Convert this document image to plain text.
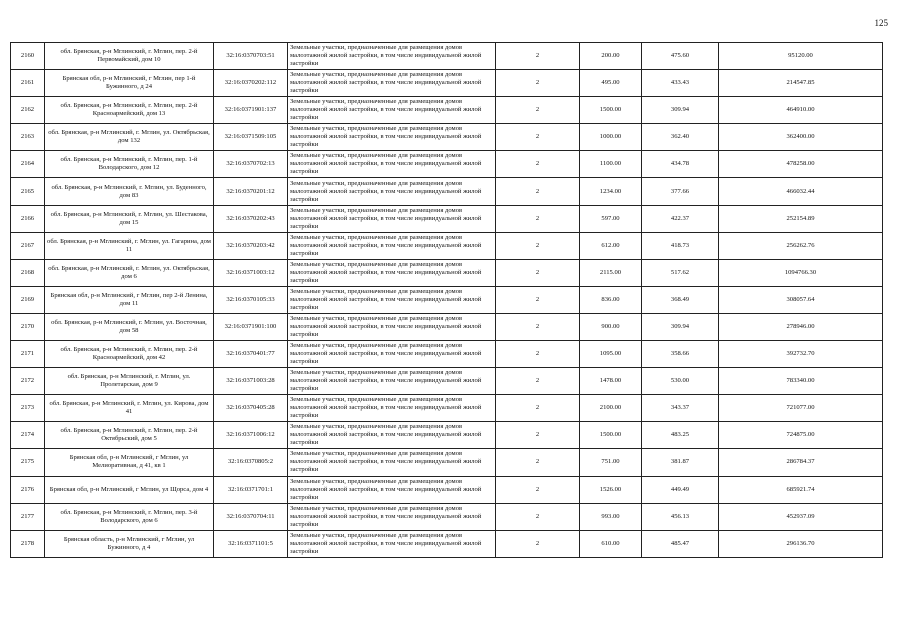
125
2160	обл. Брянская, р-н Мглинский, г. Мглин, пер. 2-й Первомайский, дом 10	32:16:0370703:51	Земельные участки, предназначенные для размещения домов малоэтажной жилой застройки, в том числе индивидуальной жилой застройки	2	200.00	475.60	95120.00
2161	Брянская обл, р-н Мглинский, г Мглин, пер 1-й Бужинного, д 24	32:16:0370202:112	Земельные участки, предназначенные для размещения домов малоэтажной жилой застройки, в том числе индивидуальной жилой застройки	2	495.00	433.43	214547.85
2162	обл. Брянская, р-н Мглинский, г. Мглин, пер. 2-й Красноармейский, дом 13	32:16:0371901:137	Земельные участки, предназначенные для размещения домов малоэтажной жилой застройки, в том числе индивидуальной жилой застройки	2	1500.00	309.94	464910.00
2163	обл. Брянская, р-н Мглинский, г. Мглин, ул. Октябрьская, дом 132	32:16:0371509:105	Земельные участки, предназначенные для размещения домов малоэтажной жилой застройки, в том числе индивидуальной жилой застройки	2	1000.00	362.40	362400.00
2164	обл. Брянская, р-н Мглинский, г. Мглин, пер. 1-й Володарского, дом 12	32:16:0370702:13	Земельные участки, предназначенные для размещения домов малоэтажной жилой застройки, в том числе индивидуальной жилой застройки	2	1100.00	434.78	478258.00
2165	обл. Брянская, р-н Мглинский, г. Мглин, ул. Буденного, дом 83	32:16:0370201:12	Земельные участки, предназначенные для размещения домов малоэтажной жилой застройки, в том числе индивидуальной жилой застройки	2	1234.00	377.66	466032.44
2166	обл. Брянская, р-н Мглинский, г. Мглин, ул. Шестакова, дом 15	32:16:0370202:43	Земельные участки, предназначенные для размещения домов малоэтажной жилой застройки, в том числе индивидуальной жилой застройки	2	597.00	422.37	252154.89
2167	обл. Брянская, р-н Мглинский, г. Мглин, ул. Гагарина, дом 11	32:16:0370203:42	Земельные участки, предназначенные для размещения домов малоэтажной жилой застройки, в том числе индивидуальной жилой застройки	2	612.00	418.73	256262.76
2168	обл. Брянская, р-н Мглинский, г. Мглин, ул. Октябрьская, дом 6	32:16:0371003:12	Земельные участки, предназначенные для размещения домов малоэтажной жилой застройки, в том числе индивидуальной жилой застройки	2	2115.00	517.62	1094766.30
2169	Брянская обл, р-н Мглинский, г Мглин, пер 2-й Ленина, дом 11	32:16:0370105:33	Земельные участки, предназначенные для размещения домов малоэтажной жилой застройки, в том числе индивидуальной жилой застройки	2	836.00	368.49	308057.64
2170	обл. Брянская, р-н Мглинский, г. Мглин, ул. Восточная, дом 58	32:16:0371901:100	Земельные участки, предназначенные для размещения домов малоэтажной жилой застройки, в том числе индивидуальной жилой застройки	2	900.00	309.94	278946.00
2171	обл. Брянская, р-н Мглинский, г. Мглин, пер. 2-й Красноармейский, дом 42	32:16:0370401:77	Земельные участки, предназначенные для размещения домов малоэтажной жилой застройки, в том числе индивидуальной жилой застройки	2	1095.00	358.66	392732.70
2172	обл. Брянская, р-н Мглинский, г. Мглин, ул. Пролетарская, дом 9	32:16:0371003:28	Земельные участки, предназначенные для размещения домов малоэтажной жилой застройки, в том числе индивидуальной жилой застройки	2	1478.00	530.00	783340.00
2173	обл. Брянская, р-н Мглинский, г. Мглин, ул. Кирова, дом 41	32:16:0370405:28	Земельные участки, предназначенные для размещения домов малоэтажной жилой застройки, в том числе индивидуальной жилой застройки	2	2100.00	343.37	721077.00
2174	обл. Брянская, р-н Мглинский, г. Мглин, пер. 2-й Октябрьский, дом 5	32:16:0371006:12	Земельные участки, предназначенные для размещения домов малоэтажной жилой застройки, в том числе индивидуальной жилой застройки	2	1500.00	483.25	724875.00
2175	Брянская обл, р-н Мглинский, г Мглин, ул Мелиоративная, д 41, кв 1	32:16:0370805:2	Земельные участки, предназначенные для размещения домов малоэтажной жилой застройки, в том числе индивидуальной жилой застройки	2	751.00	381.87	286784.37
2176	Брянская обл, р-н Мглинский, г Мглин, ул Щорса, дом 4	32:16:0371701:1	Земельные участки, предназначенные для размещения домов малоэтажной жилой застройки, в том числе индивидуальной жилой застройки	2	1526.00	449.49	685921.74
2177	обл. Брянская, р-н Мглинский, г. Мглин, пер. 3-й Володарского, дом 6	32:16:0370704:11	Земельные участки, предназначенные для размещения домов малоэтажной жилой застройки, в том числе индивидуальной жилой застройки	2	993.00	456.13	452937.09
2178	Брянская область, р-н Мглинский, г Мглин, ул Бужинного, д 4	32:16:0371101:5	Земельные участки, предназначенные для размещения домов малоэтажной жилой застройки, в том числе индивидуальной жилой застройки	2	610.00	485.47	296136.70
